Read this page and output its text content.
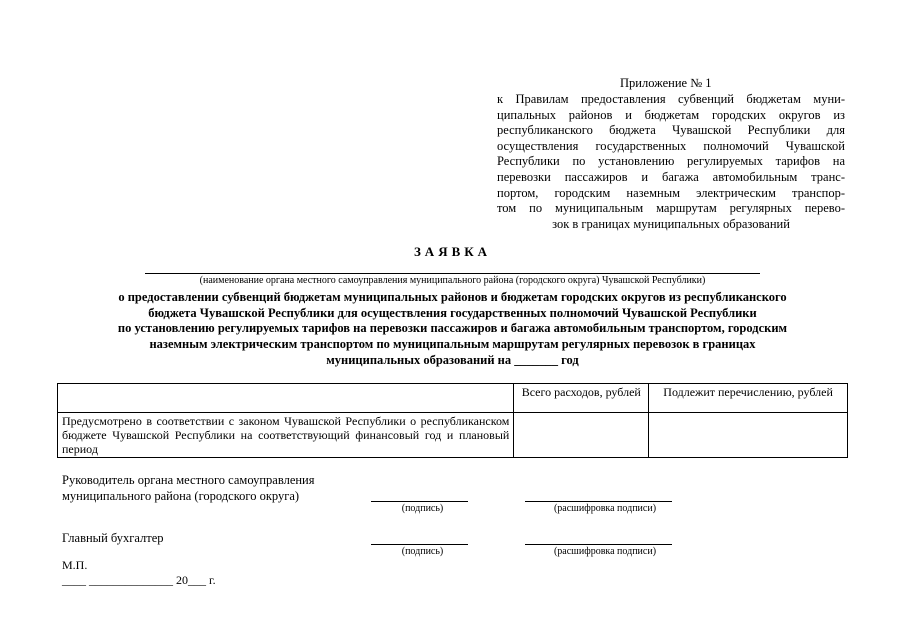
Приложение № 1
к Правилам предоставления субвенций бюджетам муни-
ципальных районов и бюджетам городских округов из
республиканского бюджета Чувашской Республики для
осуществления государственных полномочий Чувашской
Республики по установлению регулируемых тарифов на
перевозки пассажиров и багажа автомобильным транс-
портом, городским наземным электрическим транспор-
том по муниципальным маршрутам регулярных перево-
зок в границах муниципальных образований
ЗАЯВКА
(наименование органа местного самоуправления муниципального района (городского округа) Чувашской Республики)
о предоставлении субвенций бюджетам муниципальных районов и бюджетам городских округов из республиканского
бюджета Чувашской Республики для осуществления государственных полномочий Чувашской Республики
по установлению регулируемых тарифов на перевозки пассажиров и багажа автомобильным транспортом, городским
наземным электрическим транспортом по муниципальным маршрутам регулярных перевозок в границах
муниципальных образований на _______ год
	Всего расходов, рублей	Подлежит перечислению, рублей
Предусмотрено в соответствии с законом Чувашской Республики о республиканском бюджете Чувашской Республики на соответствующий финансовый год и плановый период		
Руководитель органа местного самоуправления
муниципального района (городского округа)
(подпись)	(расшифровка подписи)
Главный бухгалтер
(подпись)	(расшифровка подписи)
М.П.
____ ______________ 20___ г.
